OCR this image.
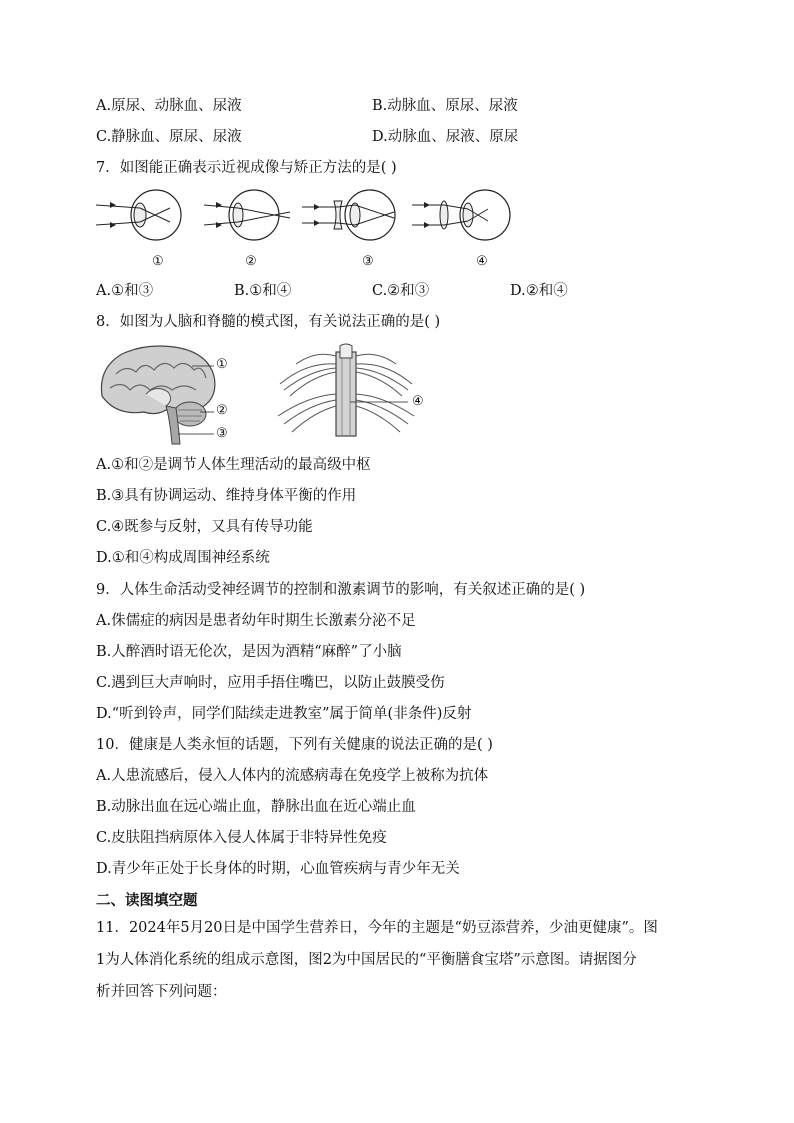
A.原尿、动脉血、尿液	B.动脉血、原尿、尿液
C.静脉血、原尿、尿液	D.动脉血、尿液、原尿
7．如图能正确表示近视成像与矫正方法的是( )
①	②	③	④
A.①和③	B.①和④	C.②和③	D.②和④
8．如图为人脑和脊髓的模式图，有关说法正确的是( )
①
②
③
④
A.①和②是调节人体生理活动的最高级中枢
B.③具有协调运动、维持身体平衡的作用
C.④既参与反射，又具有传导功能
D.①和④构成周围神经系统
9．人体生命活动受神经调节的控制和激素调节的影响，有关叙述正确的是( )
A.侏儒症的病因是患者幼年时期生长激素分泌不足
B.人醉酒时语无伦次，是因为酒精“麻醉”了小脑
C.遇到巨大声响时，应用手捂住嘴巴，以防止鼓膜受伤
D.“听到铃声，同学们陆续走进教室”属于简单(非条件)反射
10．健康是人类永恒的话题，下列有关健康的说法正确的是( )
A.人患流感后，侵入人体内的流感病毒在免疫学上被称为抗体
B.动脉出血在远心端止血，静脉出血在近心端止血
C.皮肤阻挡病原体入侵人体属于非特异性免疫
D.青少年正处于长身体的时期，心血管疾病与青少年无关
二、读图填空题
11．2024年5月20日是中国学生营养日，今年的主题是“奶豆添营养，少油更健康”。图
1为人体消化系统的组成示意图，图2为中国居民的“平衡膳食宝塔”示意图。请据图分
析并回答下列问题：
